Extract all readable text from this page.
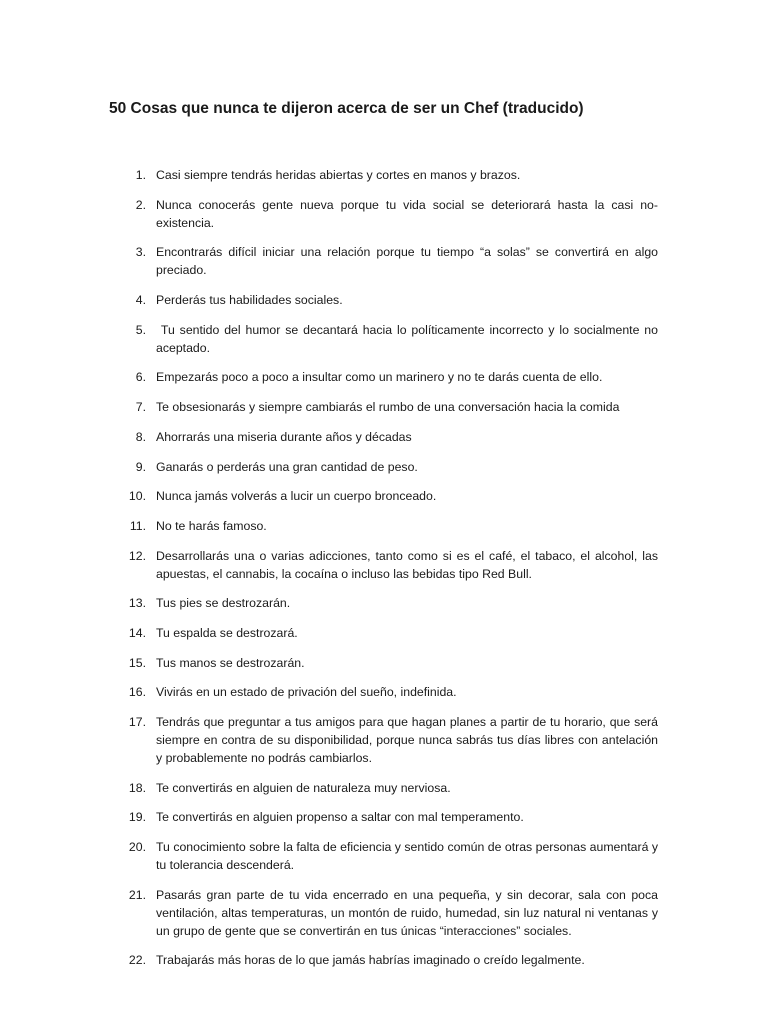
50 Cosas que nunca te dijeron acerca de ser un Chef (traducido)
1. Casi siempre tendrás heridas abiertas y cortes en manos y brazos.
2. Nunca conocerás gente nueva porque tu vida social se deteriorará hasta la casi no-existencia.
3. Encontrarás difícil iniciar una relación porque tu tiempo “a solas” se convertirá en algo preciado.
4. Perderás tus habilidades sociales.
5. Tu sentido del humor se decantará hacia lo políticamente incorrecto y lo socialmente no aceptado.
6. Empezarás poco a poco a insultar como un marinero y no te darás cuenta de ello.
7. Te obsesionarás y siempre cambiarás el rumbo de una conversación hacia la comida
8. Ahorrarás una miseria durante años y décadas
9. Ganarás o perderás una gran cantidad de peso.
10. Nunca jamás volverás a lucir un cuerpo bronceado.
11. No te harás famoso.
12. Desarrollarás una o varias adicciones, tanto como si es el café, el tabaco, el alcohol, las apuestas, el cannabis, la cocaína o incluso las bebidas tipo Red Bull.
13. Tus pies se destrozarán.
14. Tu espalda se destrozará.
15. Tus manos se destrozarán.
16. Vivirás en un estado de privación del sueño, indefinida.
17. Tendrás que preguntar a tus amigos para que hagan planes a partir de tu horario, que será siempre en contra de su disponibilidad, porque nunca sabrás tus días libres con antelación y probablemente no podrás cambiarlos.
18. Te convertirás en alguien de naturaleza muy nerviosa.
19. Te convertirás en alguien propenso a saltar con mal temperamento.
20. Tu conocimiento sobre la falta de eficiencia y sentido común de otras personas aumentará y tu tolerancia descenderá.
21. Pasarás gran parte de tu vida encerrado en una pequeña, y sin decorar, sala con poca ventilación, altas temperaturas, un montón de ruido, humedad, sin luz natural ni ventanas y un grupo de gente que se convertirán en tus únicas “interacciones” sociales.
22. Trabajarás más horas de lo que jamás habrías imaginado o creído legalmente.
